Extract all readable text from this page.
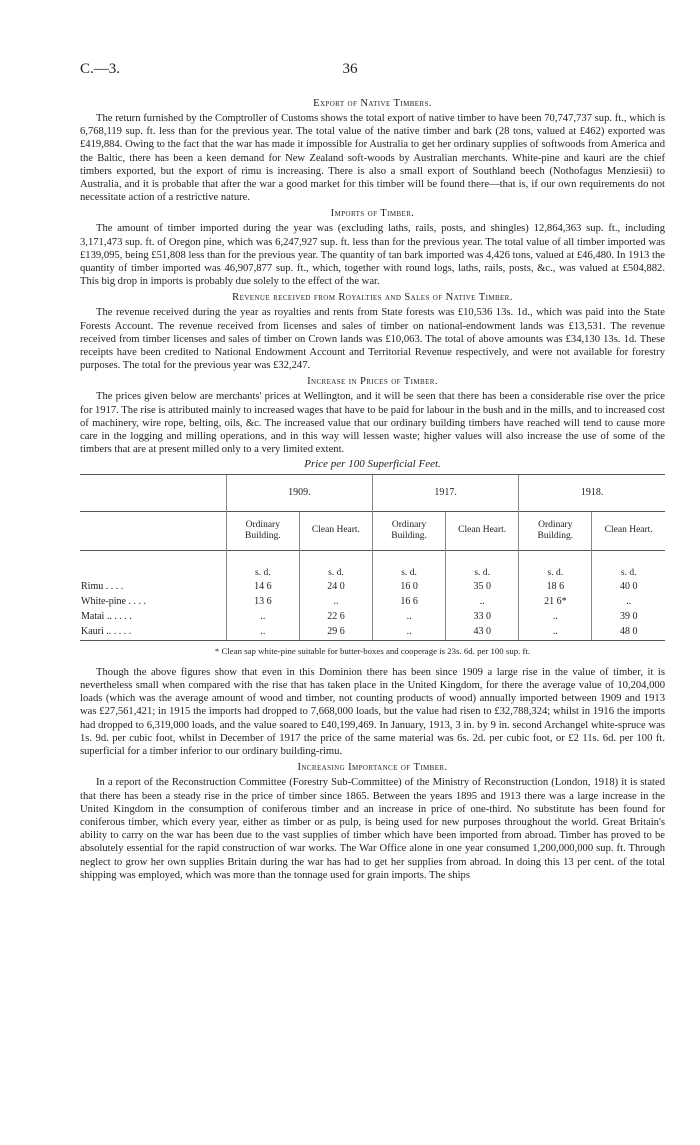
C.—3.	36
Export of Native Timbers.

The return furnished by the Comptroller of Customs shows the total export of native timber to have been 70,747,737 sup. ft., which is 6,768,119 sup. ft. less than for the previous year. The total value of the native timber and bark (28 tons, valued at £462) exported was £419,884. Owing to the fact that the war has made it impossible for Australia to get her ordinary supplies of softwoods from America and the Baltic, there has been a keen demand for New Zealand soft-woods by Australian merchants. White-pine and kauri are the chief timbers exported, but the export of rimu is increasing. There is also a small export of Southland beech (Nothofagus Menziesii) to Australia, and it is probable that after the war a good market for this timber will be found there—that is, if our own requirements do not necessitate action of a restrictive nature.

Imports of Timber.

The amount of timber imported during the year was (excluding laths, rails, posts, and shingles) 12,864,363 sup. ft., including 3,171,473 sup. ft. of Oregon pine, which was 6,247,927 sup. ft. less than for the previous year. The total value of all timber imported was £139,095, being £51,808 less than for the previous year. The quantity of tan bark imported was 4,426 tons, valued at £46,480. In 1913 the quantity of timber imported was 46,907,877 sup. ft., which, together with round logs, laths, rails, posts, &c., was valued at £504,882. This big drop in imports is probably due solely to the effect of the war.

Revenue received from Royalties and Sales of Native Timber.

The revenue received during the year as royalties and rents from State forests was £10,536 13s. 1d., which was paid into the State Forests Account. The revenue received from licenses and sales of timber on national-endowment lands was £13,531. The revenue received from timber licenses and sales of timber on Crown lands was £10,063. The total of above amounts was £34,130 13s. 1d. These receipts have been credited to National Endowment Account and Territorial Revenue respectively, and were not available for forestry purposes. The total for the previous year was £32,247.

Increase in Prices of Timber.

The prices given below are merchants' prices at Wellington, and it will be seen that there has been a considerable rise over the price for 1917. The rise is attributed mainly to increased wages that have to be paid for labour in the bush and in the mills, and to increased cost of machinery, wire rope, belting, oils, &c. The increased value that our ordinary building timbers have reached will tend to cause more care in the logging and milling operations, and in this way will lessen waste; higher values will also increase the use of some of the timbers that are at present milled only to a very limited extent.

Price per 100 Superficial Feet.
	1909.		1917.		1918.	
	Ordinary Building.	Clean Heart.	Ordinary Building.	Clean Heart.	Ordinary Building.	Clean Heart.
	s. d.	s. d.	s. d.	s. d.	s. d.	s. d.
Rimu . . . .	14 6	24 0	16 0	35 0	18 6	40 0
White-pine . . . .	13 6	..	16 6	..	21 6*	..
Matai .. . . . .	..	22 6	..	33 0	..	39 0
Kauri .. . . . .	..	29 6	..	43 0	..	48 0
* Clean sap white-pine suitable for butter-boxes and cooperage is 23s. 6d. per 100 sup. ft.

Though the above figures show that even in this Dominion there has been since 1909 a large rise in the value of timber, it is nevertheless small when compared with the rise that has taken place in the United Kingdom, for there the average value of 10,204,000 loads (which was the average amount of wood and timber, not counting products of wood) annually imported between 1909 and 1913 was £27,561,421; in 1915 the imports had dropped to 7,668,000 loads, but the value had risen to £32,788,324; whilst in 1916 the imports had dropped to 6,319,000 loads, and the value soared to £40,199,469. In January, 1913, 3 in. by 9 in. second Archangel white-spruce was 1s. 9d. per cubic foot, whilst in December of 1917 the price of the same material was 6s. 2d. per cubic foot, or £2 11s. 6d. per 100 ft. superficial for a timber inferior to our ordinary building-rimu.

Increasing Importance of Timber.

In a report of the Reconstruction Committee (Forestry Sub-Committee) of the Ministry of Reconstruction (London, 1918) it is stated that there has been a steady rise in the price of timber since 1865. Between the years 1895 and 1913 there was a large increase in the United Kingdom in the consumption of coniferous timber and an increase in price of one-third. No substitute has been found for coniferous timber, which every year, either as timber or as pulp, is being used for new purposes throughout the world. Great Britain's ability to carry on the war has been due to the vast supplies of timber which have been imported from abroad. Timber has proved to be absolutely essential for the rapid construction of war works. The War Office alone in one year consumed 1,200,000,000 sup. ft. Through neglect to grow her own supplies Britain during the war has had to get her supplies from abroad. In doing this 13 per cent. of the total shipping was employed, which was more than the tonnage used for grain imports. The ships
